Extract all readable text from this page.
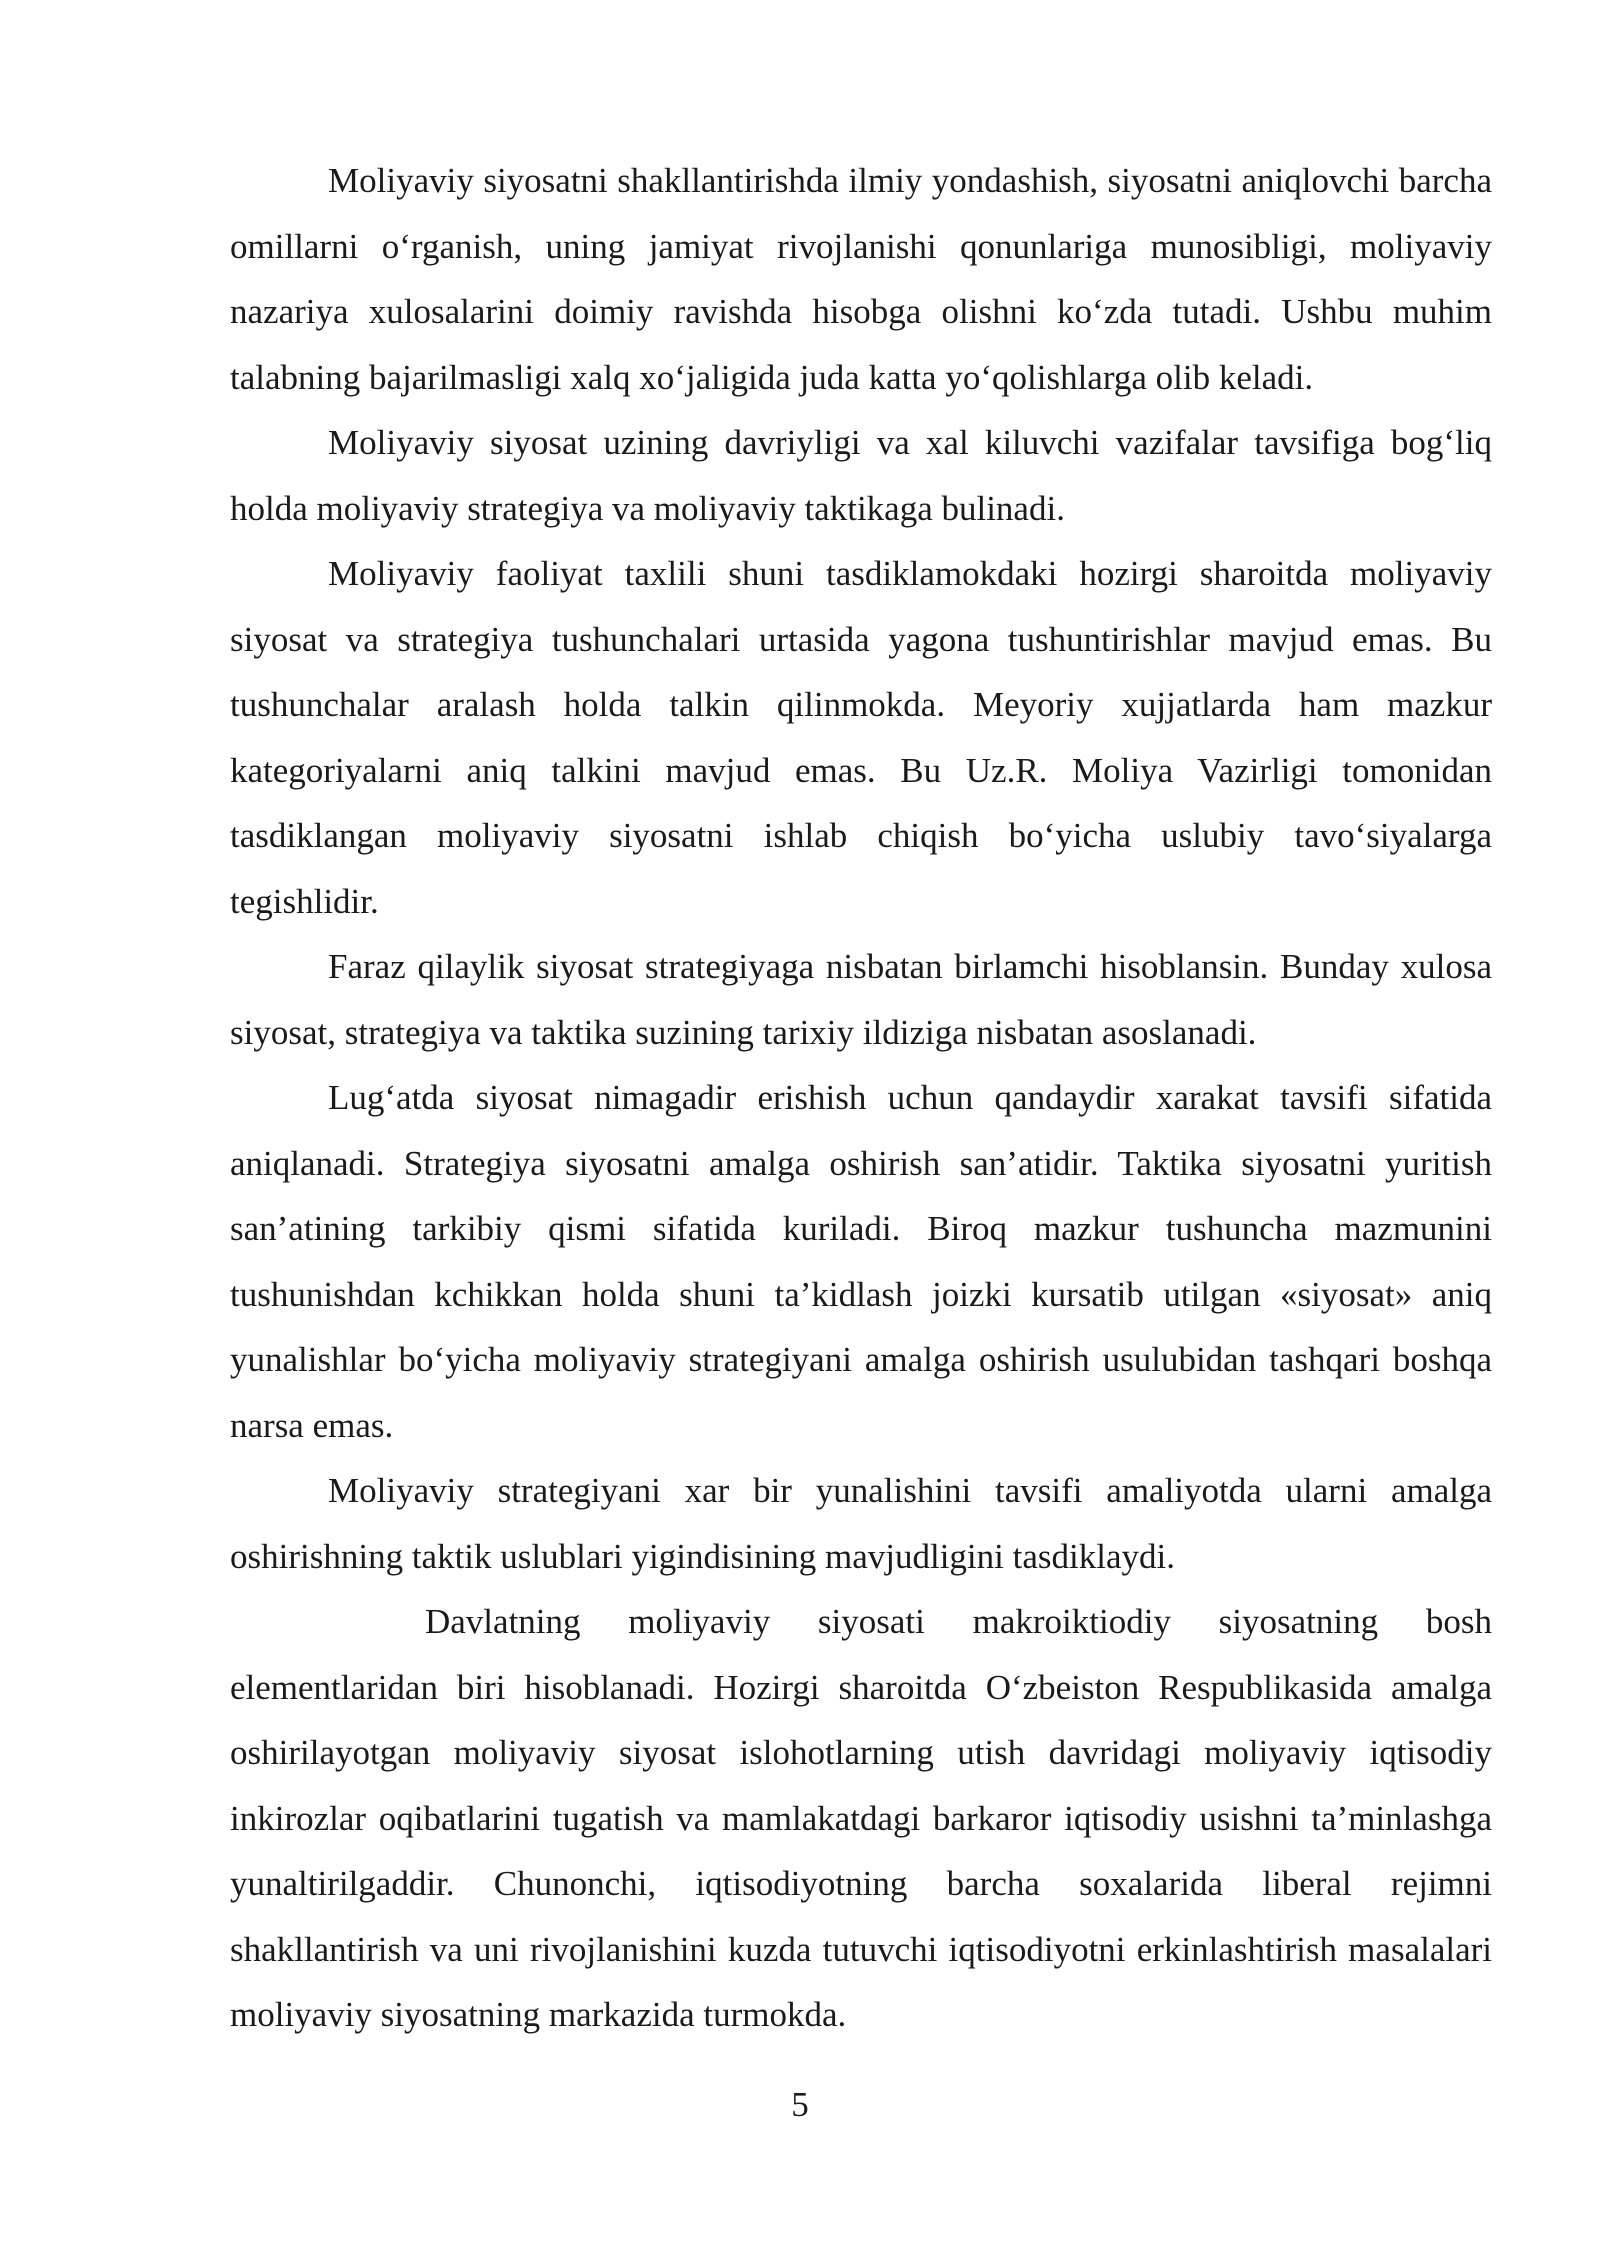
Moliyaviy siyosatni shakllantirishda ilmiy yondashish, siyosatni aniqlovchi barcha omillarni o‘rganish, uning jamiyat rivojlanishi qonunlariga munosibligi, moliyaviy nazariya xulosalarini doimiy ravishda hisobga olishni ko‘zda tutadi. Ushbu muhim talabning bajarilmasligi xalq xo‘jaligida juda katta yo‘qolishlarga olib keladi.

Moliyaviy siyosat uzining davriyligi va xal kiluvchi vazifalar tavsifiga bog‘liq holda moliyaviy strategiya va moliyaviy taktikaga bulinadi.

Moliyaviy faoliyat taxlili shuni tasdiklamokdaki hozirgi sharoitda moliyaviy siyosat va strategiya tushunchalari urtasida yagona tushuntirishlar mavjud emas. Bu tushunchalar aralash holda talkin qilinmokda. Meyoriy xujjatlarda ham mazkur kategoriyalarni aniq talkini mavjud emas. Bu Uz.R. Moliya Vazirligi tomonidan tasdiklangan moliyaviy siyosatni ishlab chiqish bo‘yicha uslubiy tavo‘siyalarga tegishlidir.

Faraz qilaylik siyosat strategiyaga nisbatan birlamchi hisoblansin. Bunday xulosa siyosat, strategiya va taktika suzining tarixiy ildiziga nisbatan asoslanadi.

Lug‘atda siyosat nimagadir erishish uchun qandaydir xarakat tavsifi sifatida aniqlanadi. Strategiya siyosatni amalga oshirish san’atidir. Taktika siyosatni yuritish san’atining tarkibiy qismi sifatida kuriladi. Biroq mazkur tushuncha mazmunini tushunishdan kchikkan holda shuni ta’kidlash joizki kursatib utilgan «siyosat» aniq yunalishlar bo‘yicha moliyaviy strategiyani amalga oshirish usulubidan tashqari boshqa narsa emas.

Moliyaviy strategiyani xar bir yunalishini tavsifi amaliyotda ularni amalga oshirishning taktik uslublari yigindisining mavjudligini tasdiklaydi.

Davlatning moliyaviy siyosati makroiktiodiy siyosatning bosh elementlaridan biri hisoblanadi. Hozirgi sharoitda O‘zbeiston Respublikasida amalga oshirilayotgan moliyaviy siyosat islohotlarning utish davridagi moliyaviy iqtisodiy inkirozlar oqibatlarini tugatish va mamlakatdagi barkaror iqtisodiy usishni ta’minlashga yunaltirilgaddir. Chunonchi, iqtisodiyotning barcha soxalarida liberal rejimni shakllantirish va uni rivojlanishini kuzda tutuvchi iqtisodiyotni erkinlashtirish masalalari moliyaviy siyosatning markazida turmokda.

5
